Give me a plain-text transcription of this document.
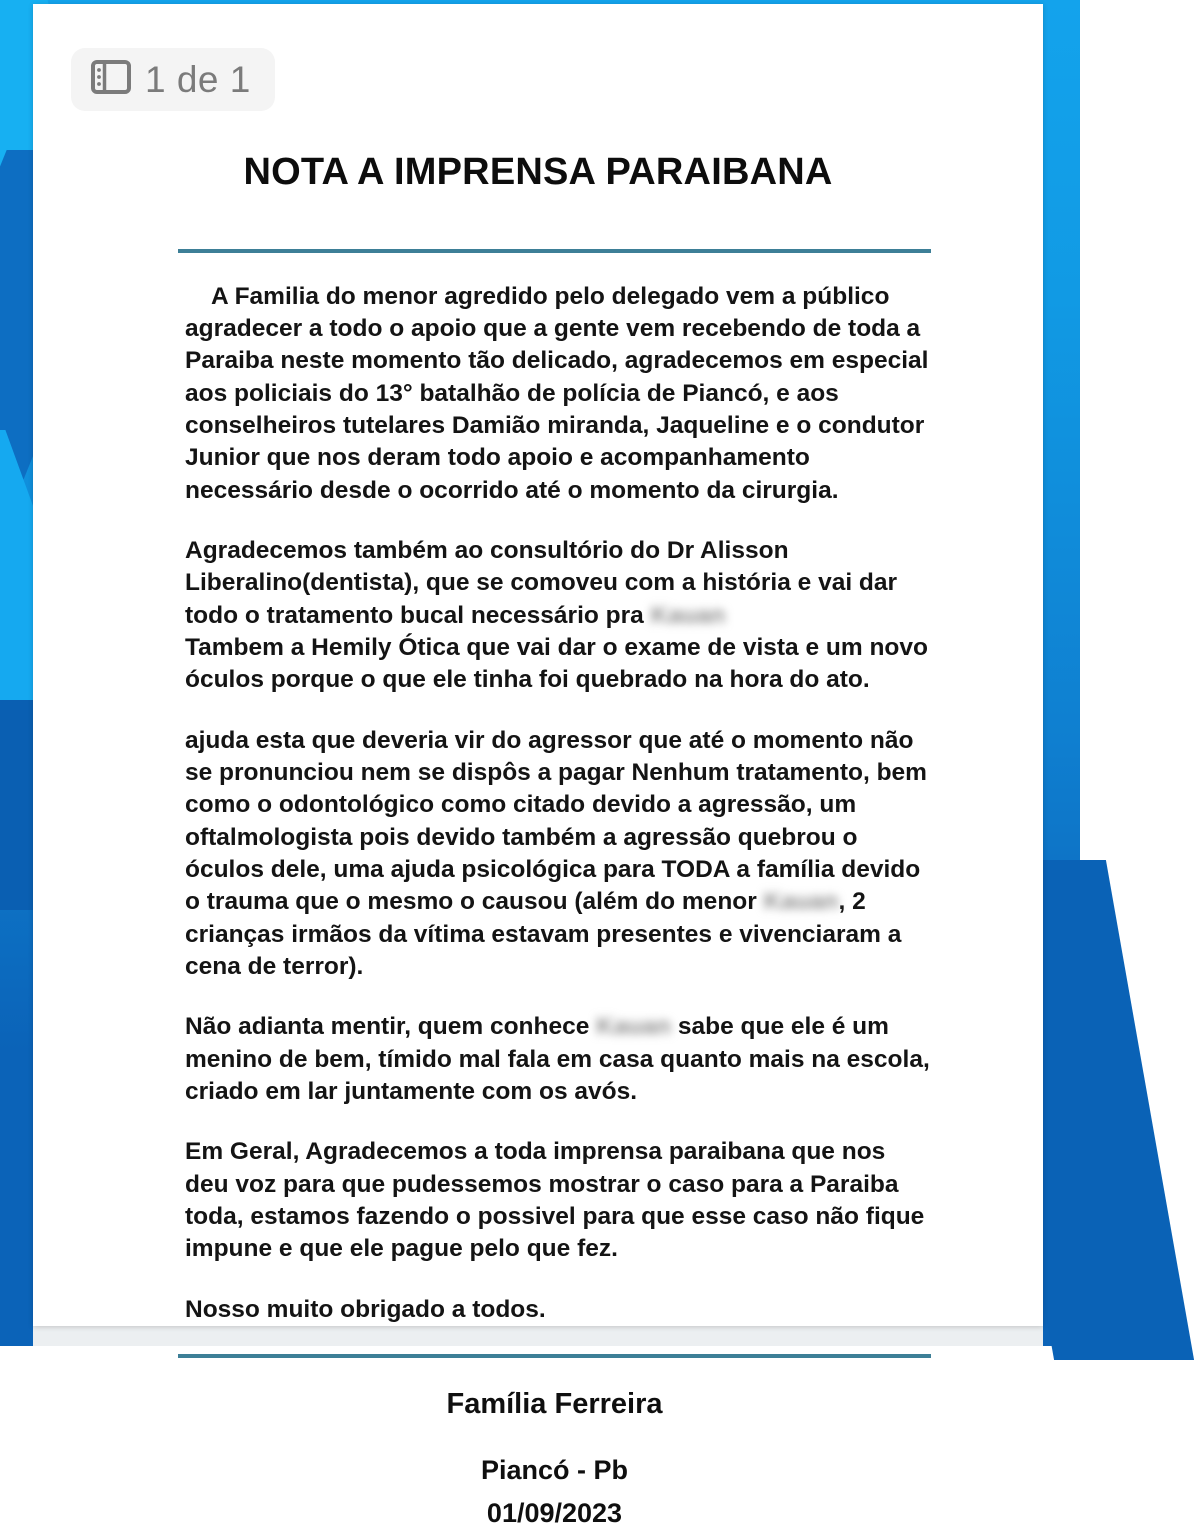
1 de 1
NOTA A IMPRENSA PARAIBANA

A Familia do menor agredido pelo delegado vem a público agradecer a todo o apoio que a gente vem recebendo de toda a Paraiba neste momento tão delicado, agradecemos em especial aos policiais do 13° batalhão de polícia de Piancó, e aos conselheiros tutelares Damião miranda, Jaqueline e o condutor Junior que nos deram todo apoio e acompanhamento necessário desde o ocorrido até o momento da cirurgia.

Agradecemos também ao consultório do Dr Alisson Liberalino(dentista), que se comoveu com a história e vai dar todo o tratamento bucal necessário pra Kauan

Tambem a Hemily Ótica que vai dar o exame de vista e um novo óculos porque o que ele tinha foi quebrado na hora do ato.

ajuda esta que deveria vir do agressor que até o momento não se pronunciou nem se dispôs a pagar Nenhum tratamento, bem como o odontológico como citado devido a agressão, um oftalmologista pois devido também a agressão quebrou o óculos dele, uma ajuda psicológica para TODA a família devido o trauma que o mesmo o causou (além do menor Kauan, 2 crianças irmãos da vítima estavam presentes e vivenciaram a cena de terror).

Não adianta mentir, quem conhece Kauan sabe que ele é um menino de bem, tímido mal fala em casa quanto mais na escola, criado em lar juntamente com os avós.

Em Geral, Agradecemos a toda imprensa paraibana que nos deu voz para que pudessemos mostrar o caso para a Paraiba toda, estamos fazendo o possivel para que esse caso não fique impune e que ele pague pelo que fez.

Nosso muito obrigado a todos.

Família Ferreira

Piancó - Pb

01/09/2023
